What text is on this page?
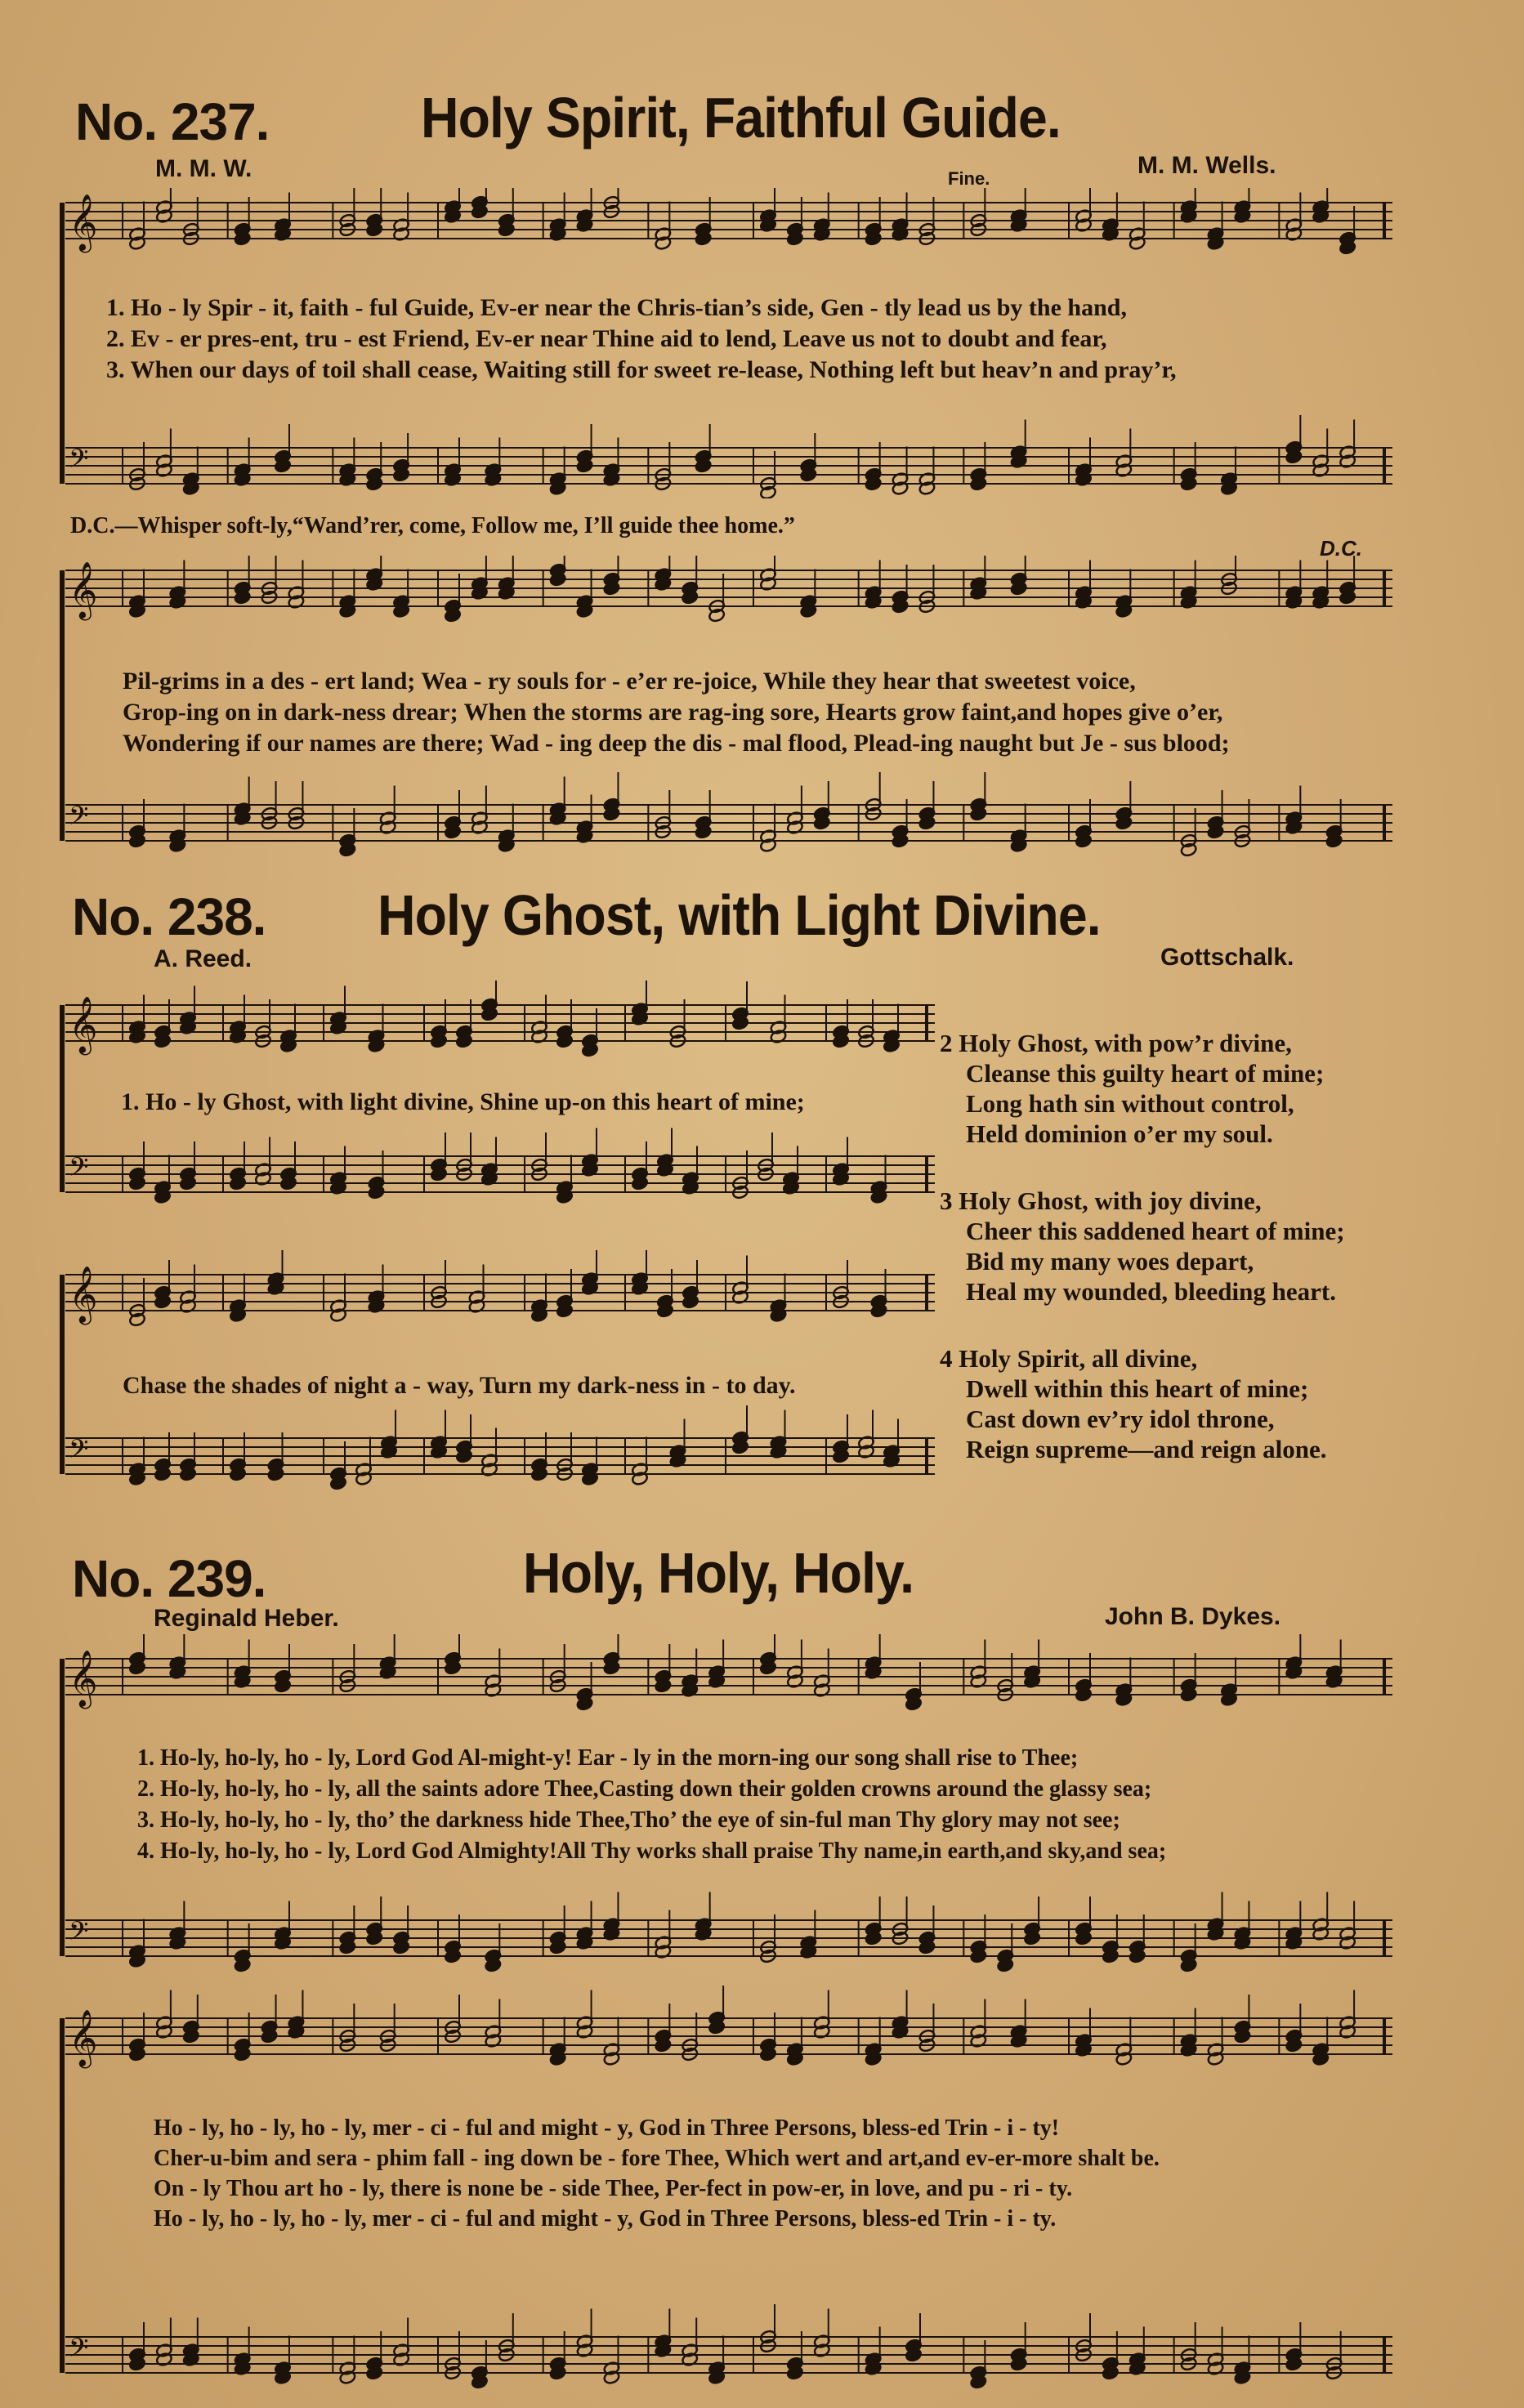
No. 237.	Holy Spirit, Faithful Guide.
M. M. W.	M. M. Wells.
Fine.
𝄞
𝄢
1. Ho - ly Spir - it, faith - ful Guide, Ev-er near the Chris-tian’s side, Gen - tly lead us by the hand,
2. Ev - er pres-ent, tru - est Friend, Ev-er near Thine aid to lend, Leave us not to doubt and fear,
3. When our days of toil shall cease, Waiting still for sweet re-lease, Nothing left but heav’n and pray’r,
D.C.—Whisper soft-ly,“Wand’rer, come, Follow me, I’ll guide thee home.”
D.C.
𝄞
𝄢
Pil-grims in a des - ert land; Wea - ry souls for - e’er re-joice, While they hear that sweetest voice,
Grop-ing on in dark-ness drear; When the storms are rag-ing sore, Hearts grow faint,and hopes give o’er,
Wondering if our names are there; Wad - ing deep the dis - mal flood, Plead-ing naught but Je - sus blood;
No. 238. Holy Ghost, with Light Divine.
A. Reed.	Gottschalk.
𝄞
𝄢
1. Ho - ly Ghost, with light divine, Shine up-on this heart of mine;
𝄞
𝄢
Chase the shades of night a - way, Turn my dark-ness in - to day.
2 Holy Ghost, with pow’r divine,
Cleanse this guilty heart of mine;
Long hath sin without control,
Held dominion o’er my soul.
3 Holy Ghost, with joy divine,
Cheer this saddened heart of mine;
Bid my many woes depart,
Heal my wounded, bleeding heart.
4 Holy Spirit, all divine,
Dwell within this heart of mine;
Cast down ev’ry idol throne,
Reign supreme—and reign alone.
No. 239.	Holy, Holy, Holy.
Reginald Heber.	John B. Dykes.
𝄞
𝄢
1. Ho-ly, ho-ly, ho - ly, Lord God Al-might-y! Ear - ly in the morn-ing our song shall rise to Thee;
2. Ho-ly, ho-ly, ho - ly, all the saints adore Thee,Casting down their golden crowns around the glassy sea;
3. Ho-ly, ho-ly, ho - ly, tho’ the darkness hide Thee,Tho’ the eye of sin-ful man Thy glory may not see;
4. Ho-ly, ho-ly, ho - ly, Lord God Almighty!All Thy works shall praise Thy name,in earth,and sky,and sea;
𝄞
𝄢
Ho - ly, ho - ly, ho - ly, mer - ci - ful and might - y, God in Three Persons, bless-ed Trin - i - ty!
Cher-u-bim and sera - phim fall - ing down be - fore Thee, Which wert and art,and ev-er-more shalt be.
On - ly Thou art ho - ly, there is none be - side Thee, Per-fect in pow-er, in love, and pu - ri - ty.
Ho - ly, ho - ly, ho - ly, mer - ci - ful and might - y, God in Three Persons, bless-ed Trin - i - ty.
